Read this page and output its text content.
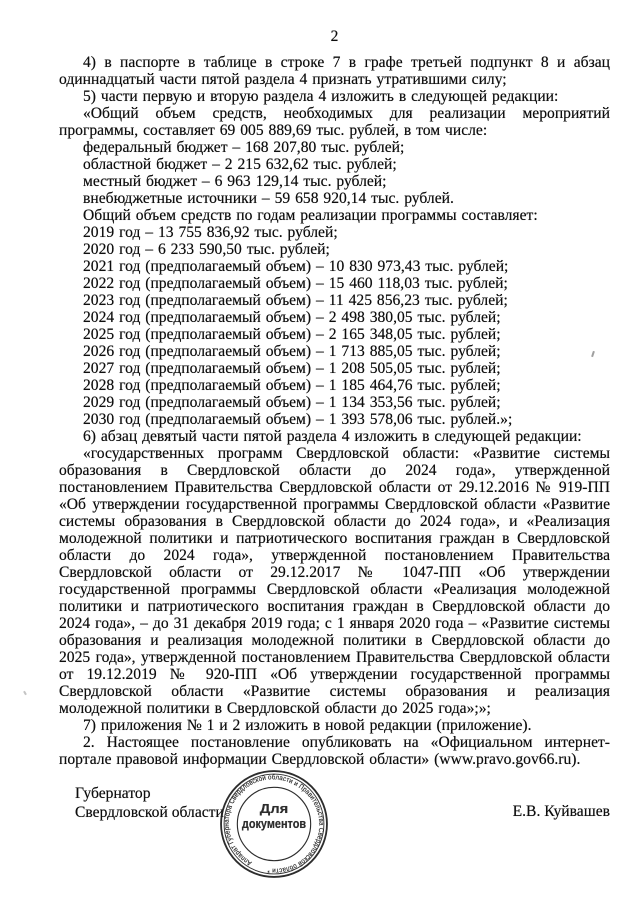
2

4) в паспорте в таблице в строке 7 в графе третьей подпункт 8 и абзац одиннадцатый части пятой раздела 4 признать утратившими силу;

5) части первую и вторую раздела 4 изложить в следующей редакции:

«Общий объем средств, необходимых для реализации мероприятий программы, составляет 69 005 889,69 тыс. рублей, в том числе:

федеральный бюджет – 168 207,80 тыс. рублей;

областной бюджет – 2 215 632,62 тыс. рублей;

местный бюджет – 6 963 129,14 тыс. рублей;

внебюджетные источники – 59 658 920,14 тыс. рублей.

Общий объем средств по годам реализации программы составляет:

2019 год – 13 755 836,92 тыс. рублей;

2020 год – 6 233 590,50 тыс. рублей;

2021 год (предполагаемый объем) – 10 830 973,43 тыс. рублей;

2022 год (предполагаемый объем) – 15 460 118,03 тыс. рублей;

2023 год (предполагаемый объем) – 11 425 856,23 тыс. рублей;

2024 год (предполагаемый объем) – 2 498 380,05 тыс. рублей;

2025 год (предполагаемый объем) – 2 165 348,05 тыс. рублей;

2026 год (предполагаемый объем) – 1 713 885,05 тыс. рублей;

2027 год (предполагаемый объем) – 1 208 505,05 тыс. рублей;

2028 год (предполагаемый объем) – 1 185 464,76 тыс. рублей;

2029 год (предполагаемый объем) – 1 134 353,56 тыс. рублей;

2030 год (предполагаемый объем) – 1 393 578,06 тыс. рублей.»;

6) абзац девятый части пятой раздела 4 изложить в следующей редакции:

«государственных программ Свердловской области: «Развитие системы образования в Свердловской области до 2024 года», утвержденной постановлением Правительства Свердловской области от 29.12.2016 № 919-ПП «Об утверждении государственной программы Свердловской области «Развитие системы образования в Свердловской области до 2024 года», и «Реализация молодежной политики и патриотического воспитания граждан в Свердловской области до 2024 года», утвержденной постановлением Правительства Свердловской области от 29.12.2017 № 1047-ПП «Об утверждении государственной программы Свердловской области «Реализация молодежной политики и патриотического воспитания граждан в Свердловской области до 2024 года», – до 31 декабря 2019 года; с 1 января 2020 года – «Развитие системы образования и реализация молодежной политики в Свердловской области до 2025 года», утвержденной постановлением Правительства Свердловской области от 19.12.2019 № 920-ПП «Об утверждении государственной программы Свердловской области «Развитие системы образования и реализация молодежной политики в Свердловской области до 2025 года»;»;

7) приложения № 1 и 2 изложить в новой редакции (приложение).

2. Настоящее постановление опубликовать на «Официальном интернет-портале правовой информации Свердловской области» (www.pravo.gov66.ru).

Губернатор
Свердловской области	Е.В. Куйвашев
Аппарат Губернатора Свердловской области и Правительства Свердловской области *
Для
документов
